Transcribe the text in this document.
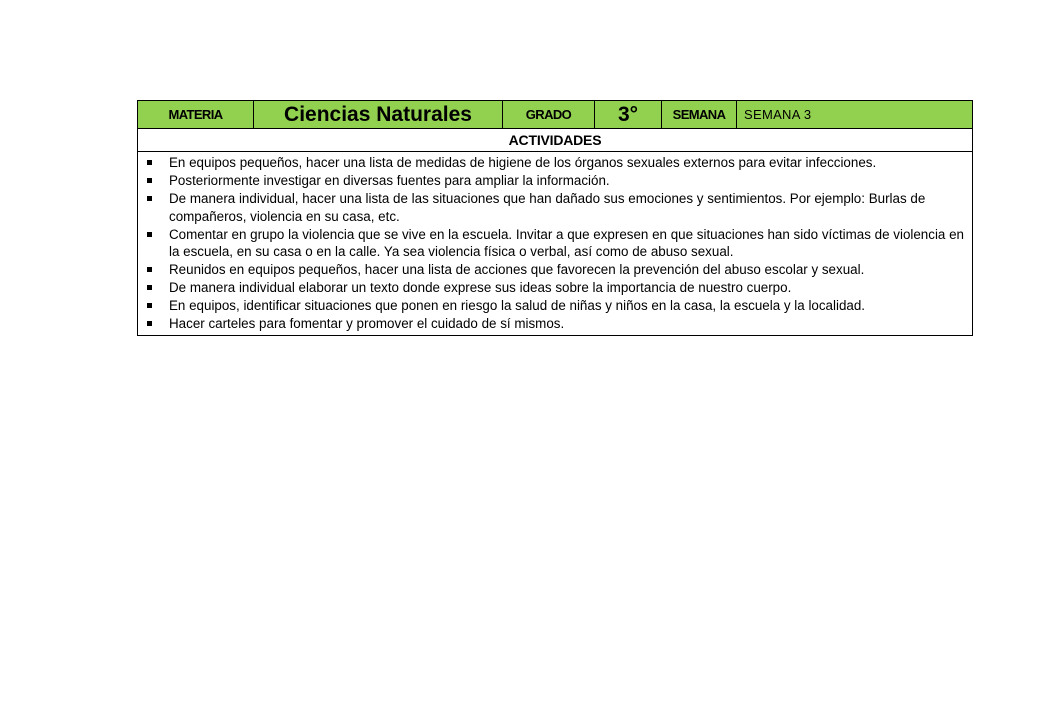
MATERIA	Ciencias Naturales	GRADO	3°	SEMANA	SEMANA 3
ACTIVIDADES

En equipos pequeños, hacer una lista de medidas de higiene de los órganos sexuales externos para evitar infecciones.
Posteriormente investigar en diversas fuentes para ampliar la información.
De manera individual, hacer una lista de las situaciones que han dañado sus emociones y sentimientos. Por ejemplo: Burlas de compañeros, violencia en su casa, etc.
Comentar en grupo la violencia que se vive en la escuela. Invitar a que expresen en que situaciones han sido víctimas de violencia en la escuela, en su casa o en la calle. Ya sea violencia física o verbal, así como de abuso sexual.
Reunidos en equipos pequeños, hacer una lista de acciones que favorecen la prevención del abuso escolar y sexual.
De manera individual elaborar un texto donde exprese sus ideas sobre la importancia de nuestro cuerpo.
En equipos, identificar situaciones que ponen en riesgo la salud de niñas y niños en la casa, la escuela y la localidad.
Hacer carteles para fomentar y promover el cuidado de sí mismos.
